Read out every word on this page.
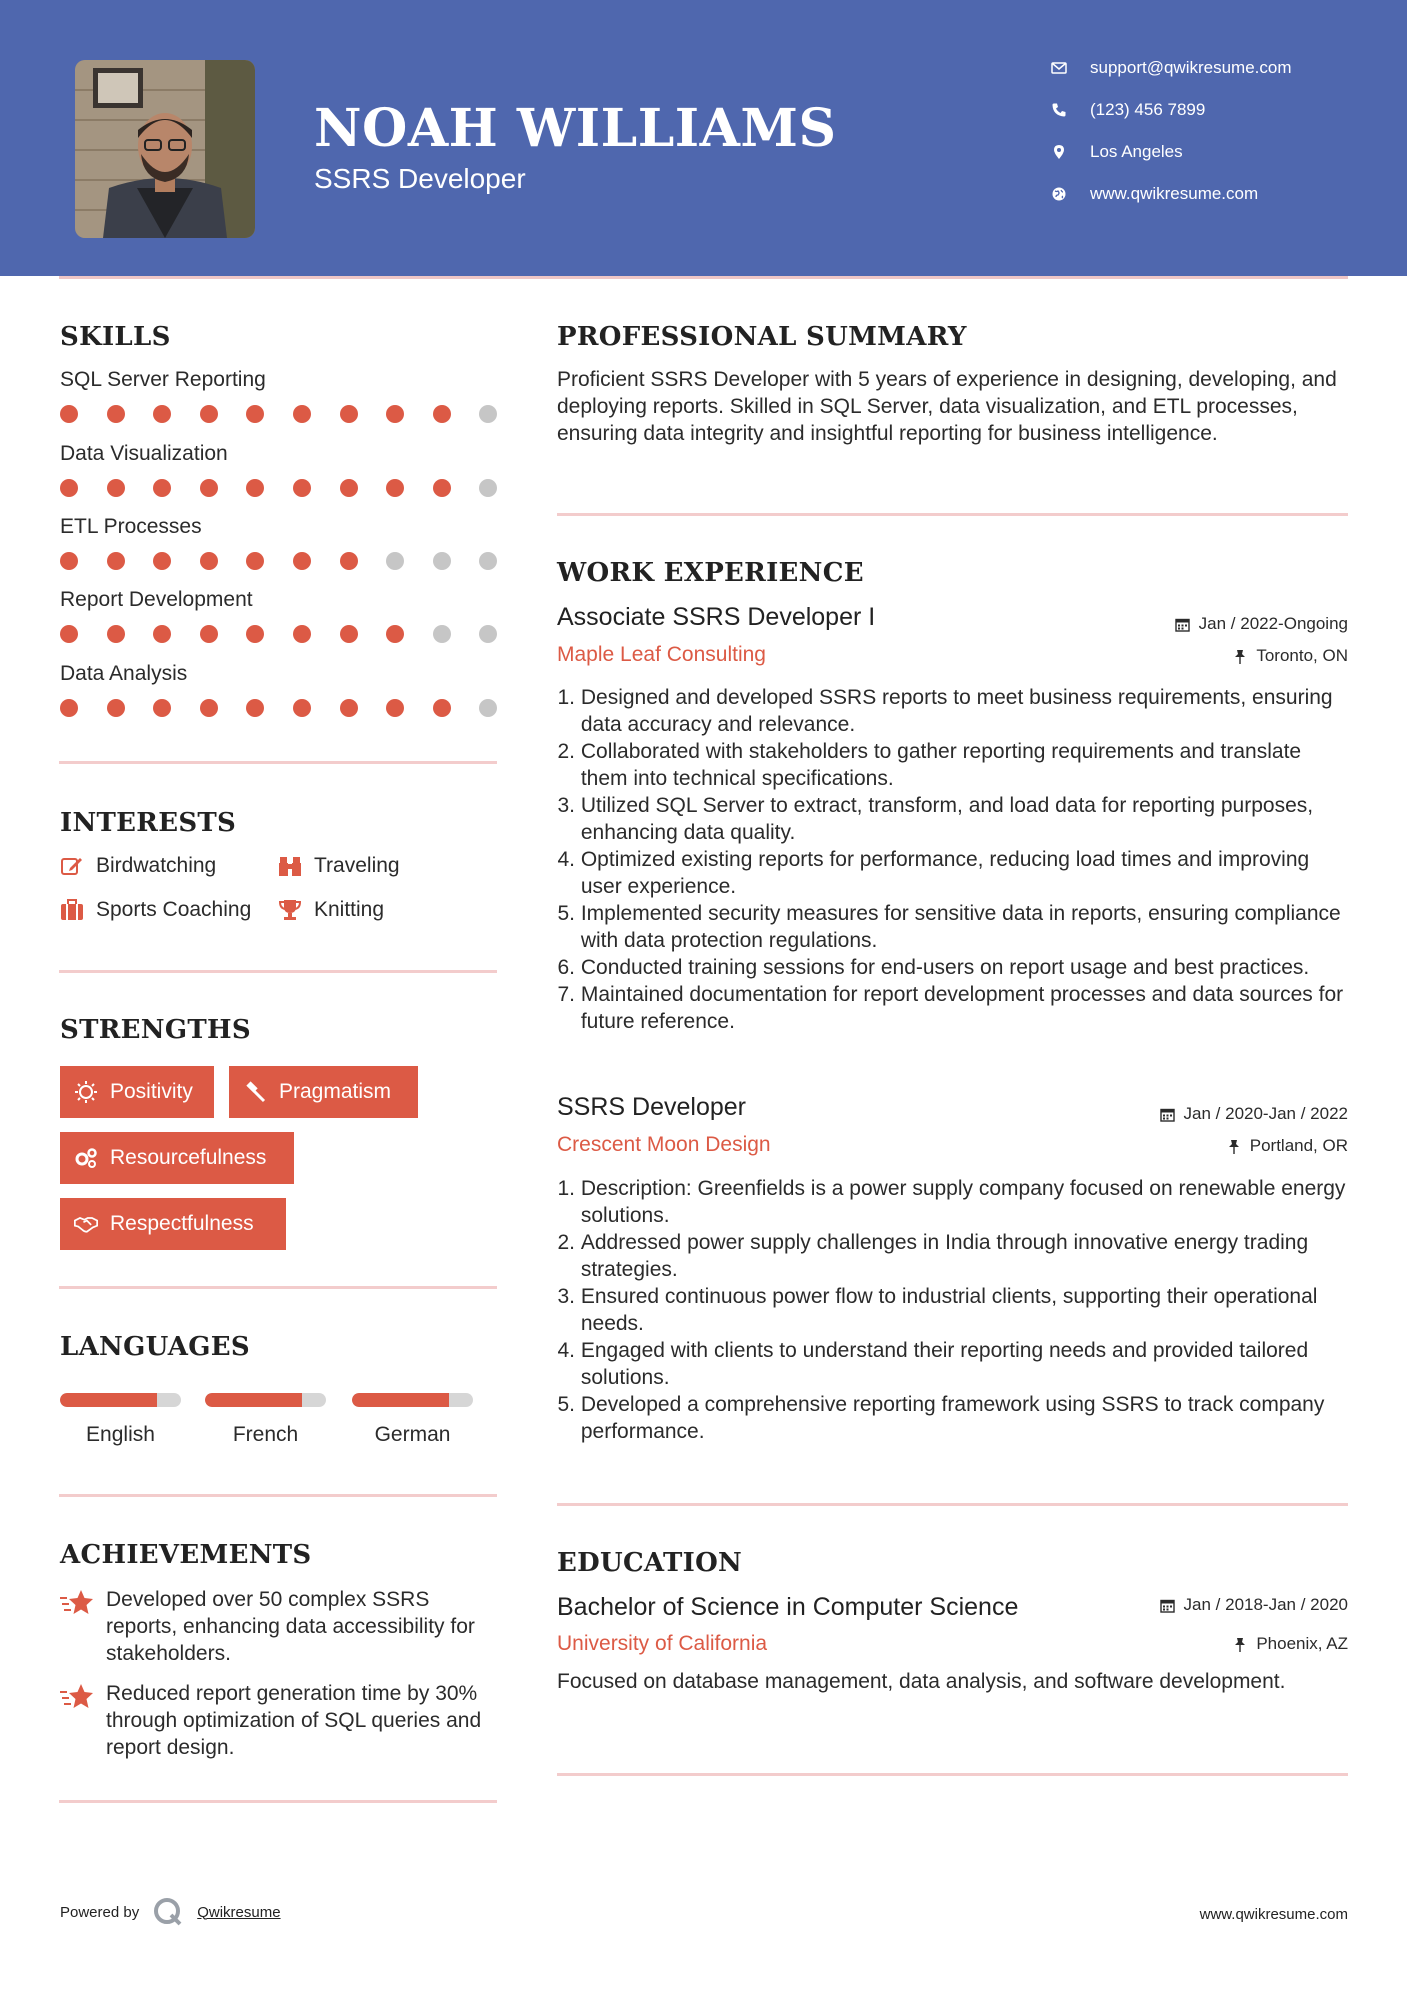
NOAH WILLIAMS
SSRS Developer
support@qwikresume.com
(123) 456 7899
Los Angeles
www.qwikresume.com
SKILLS
SQL Server Reporting
Data Visualization
ETL Processes
Report Development
Data Analysis
INTERESTS
Birdwatching	Traveling
Sports Coaching	Knitting
STRENGTHS
Positivity	Pragmatism
Resourcefulness
Respectfulness
LANGUAGES
English	French	German
ACHIEVEMENTS
Developed over 50 complex SSRS reports, enhancing data accessibility for stakeholders.
Reduced report generation time by 30% through optimization of SQL queries and report design.
PROFESSIONAL SUMMARY
Proficient SSRS Developer with 5 years of experience in designing, developing, and deploying reports. Skilled in SQL Server, data visualization, and ETL processes, ensuring data integrity and insightful reporting for business intelligence.
WORK EXPERIENCE
Associate SSRS Developer I	Jan / 2022-Ongoing
Maple Leaf Consulting	Toronto, ON
1.
Designed and developed SSRS reports to meet business requirements, ensuring data accuracy and relevance.
2.
Collaborated with stakeholders to gather reporting requirements and translate them into technical specifications.
3.
Utilized SQL Server to extract, transform, and load data for reporting purposes, enhancing data quality.
4.
Optimized existing reports for performance, reducing load times and improving user experience.
5.
Implemented security measures for sensitive data in reports, ensuring compliance with data protection regulations.
6.
Conducted training sessions for end-users on report usage and best practices.
7.
Maintained documentation for report development processes and data sources for future reference.
SSRS Developer	Jan / 2020-Jan / 2022
Crescent Moon Design	Portland, OR
1.
Description: Greenfields is a power supply company focused on renewable energy solutions.
2.
Addressed power supply challenges in India through innovative energy trading strategies.
3.
Ensured continuous power flow to industrial clients, supporting their operational needs.
4.
Engaged with clients to understand their reporting needs and provided tailored solutions.
5.
Developed a comprehensive reporting framework using SSRS to track company performance.
EDUCATION
Bachelor of Science in Computer Science	Jan / 2018-Jan / 2020
University of California	Phoenix, AZ
Focused on database management, data analysis, and software development.
Powered by	Qwikresume	www.qwikresume.com
